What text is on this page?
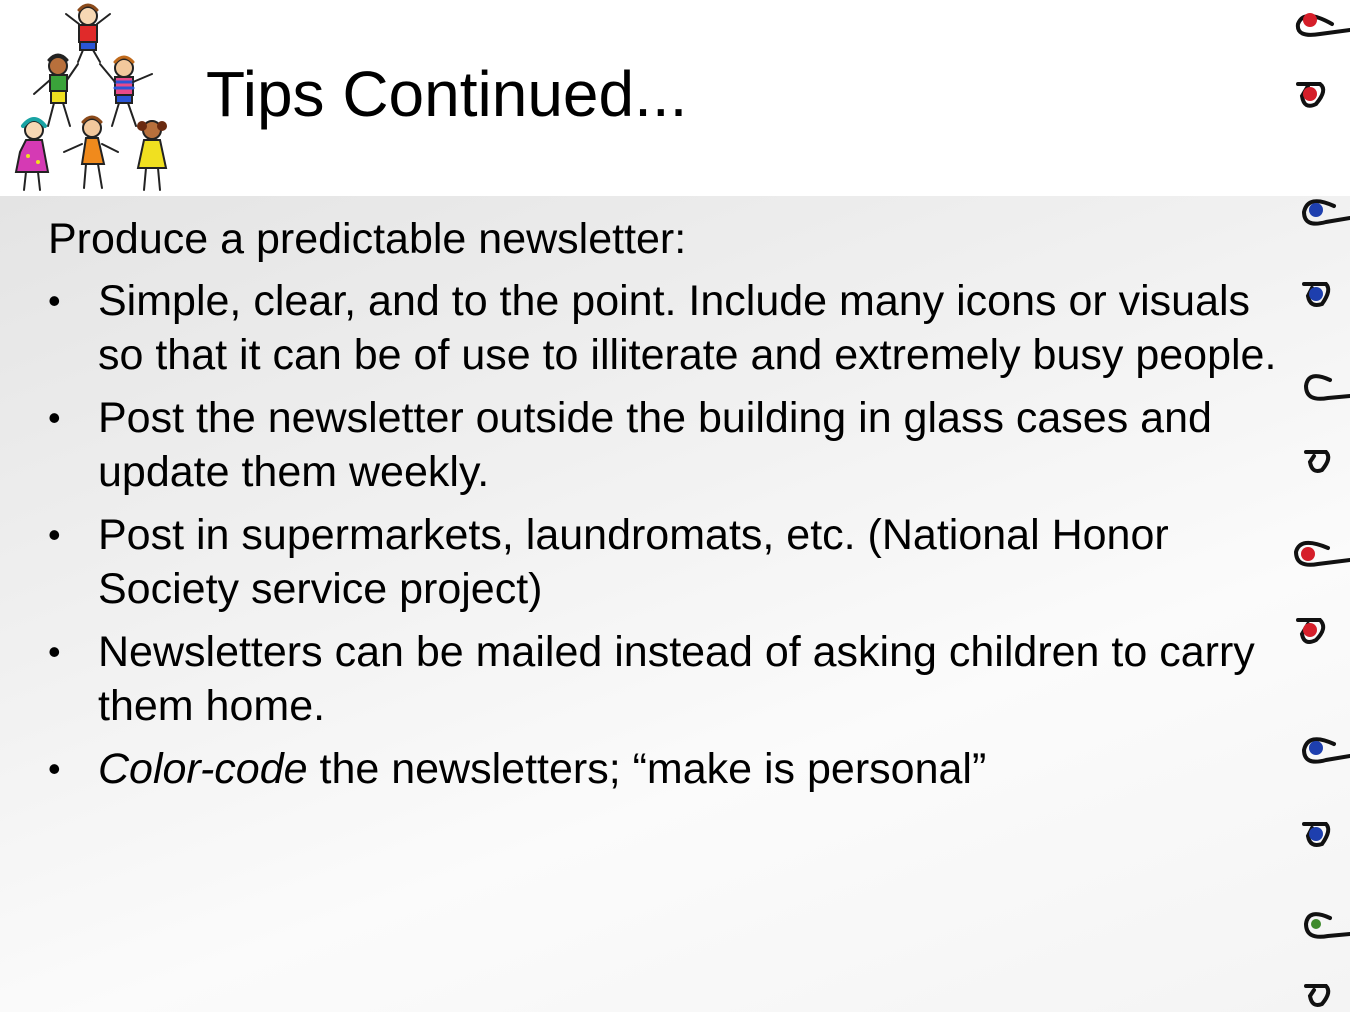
Tips Continued...

Produce a predictable newsletter:

• Simple, clear, and to the point. Include many icons or visuals so that it can be of use to illiterate and extremely busy people.
• Post the newsletter outside the building in glass cases and update them weekly.
• Post in supermarkets, laundromats, etc. (National Honor Society service project)
• Newsletters can be mailed instead of asking children to carry them home.
• Color-code the newsletters; “make is personal”
